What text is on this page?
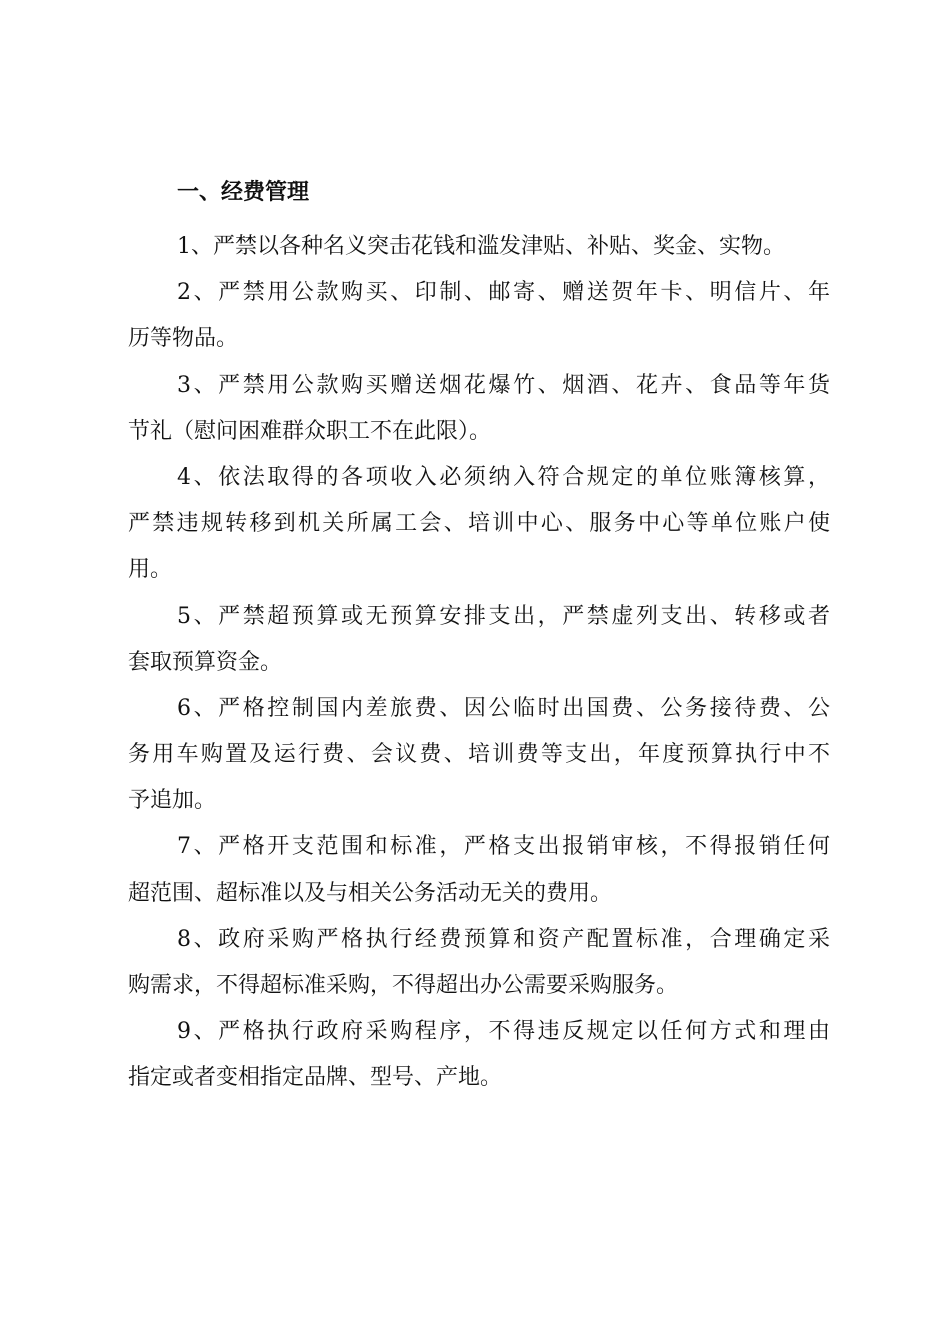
一、经费管理
1、严禁以各种名义突击花钱和滥发津贴、补贴、奖金、实物。
2、严禁用公款购买、印制、邮寄、赠送贺年卡、明信片、年
历等物品。
3、严禁用公款购买赠送烟花爆竹、烟酒、花卉、食品等年货
节礼（慰问困难群众职工不在此限）。
4、依法取得的各项收入必须纳入符合规定的单位账簿核算，
严禁违规转移到机关所属工会、培训中心、服务中心等单位账户使
用。
5、严禁超预算或无预算安排支出，严禁虚列支出、转移或者
套取预算资金。
6、严格控制国内差旅费、因公临时出国费、公务接待费、公
务用车购置及运行费、会议费、培训费等支出，年度预算执行中不
予追加。
7、严格开支范围和标准，严格支出报销审核，不得报销任何
超范围、超标准以及与相关公务活动无关的费用。
8、政府采购严格执行经费预算和资产配置标准，合理确定采
购需求，不得超标准采购，不得超出办公需要采购服务。
9、严格执行政府采购程序，不得违反规定以任何方式和理由
指定或者变相指定品牌、型号、产地。
